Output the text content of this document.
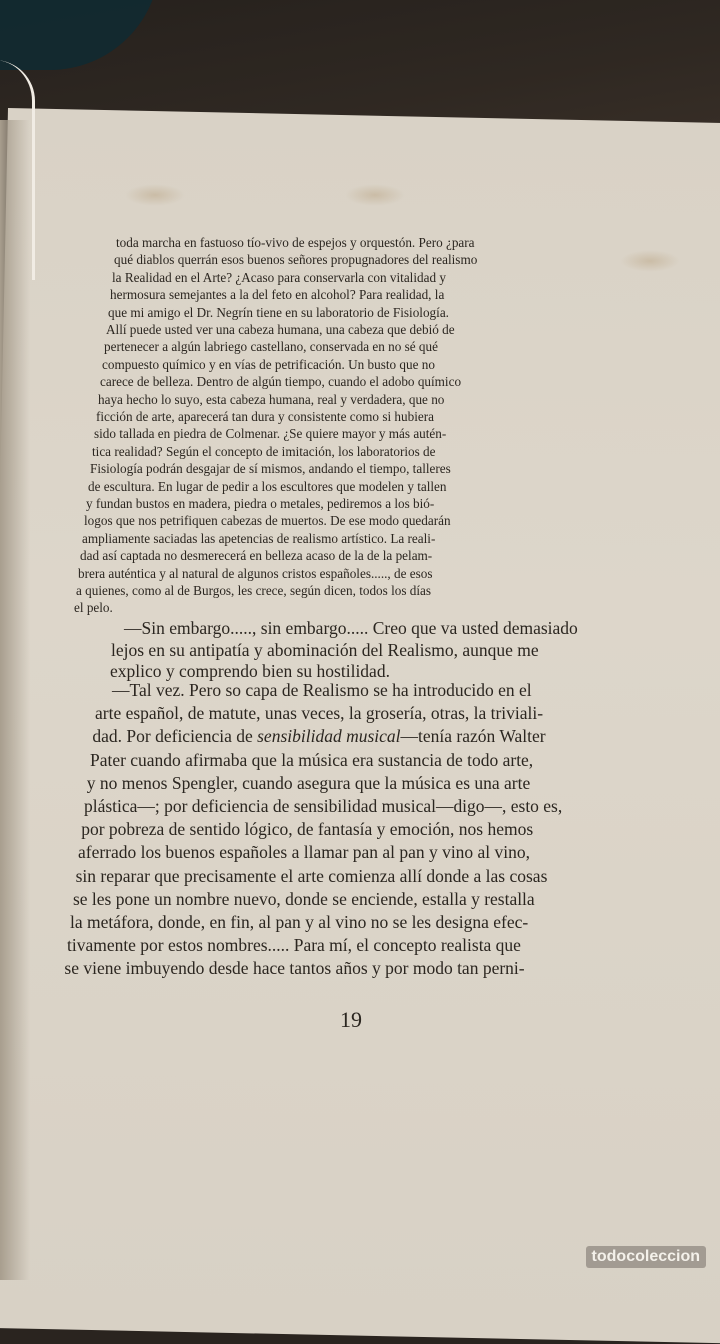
toda marcha en fastuoso tío-vivo de espejos y orquestón. Pero ¿para
qué diablos querrán esos buenos señores propugnadores del realismo
la Realidad en el Arte? ¿Acaso para conservarla con vitalidad y
hermosura semejantes a la del feto en alcohol? Para realidad, la
que mi amigo el Dr. Negrín tiene en su laboratorio de Fisiología.
Allí puede usted ver una cabeza humana, una cabeza que debió de
pertenecer a algún labriego castellano, conservada en no sé qué
compuesto químico y en vías de petrificación. Un busto que no
carece de belleza. Dentro de algún tiempo, cuando el adobo químico
haya hecho lo suyo, esta cabeza humana, real y verdadera, que no
ficción de arte, aparecerá tan dura y consistente como si hubiera
sido tallada en piedra de Colmenar. ¿Se quiere mayor y más autén-
tica realidad? Según el concepto de imitación, los laboratorios de
Fisiología podrán desgajar de sí mismos, andando el tiempo, talleres
de escultura. En lugar de pedir a los escultores que modelen y tallen
y fundan bustos en madera, piedra o metales, pediremos a los bió-
logos que nos petrifiquen cabezas de muertos. De ese modo quedarán
ampliamente saciadas las apetencias de realismo artístico. La reali-
dad así captada no desmerecerá en belleza acaso de la de la pelam-
brera auténtica y al natural de algunos cristos españoles....., de esos
a quienes, como al de Burgos, les crece, según dicen, todos los días
el pelo.
—Sin embargo....., sin embargo..... Creo que va usted demasiado
lejos en su antipatía y abominación del Realismo, aunque me
explico y comprendo bien su hostilidad.
—Tal vez. Pero so capa de Realismo se ha introducido en el
arte español, de matute, unas veces, la grosería, otras, la triviali-
dad. Por deficiencia de sensibilidad musical—tenía razón Walter
Pater cuando afirmaba que la música era sustancia de todo arte,
y no menos Spengler, cuando asegura que la música es una arte
plástica—; por deficiencia de sensibilidad musical—digo—, esto es,
por pobreza de sentido lógico, de fantasía y emoción, nos hemos
aferrado los buenos españoles a llamar pan al pan y vino al vino,
sin reparar que precisamente el arte comienza allí donde a las cosas
se les pone un nombre nuevo, donde se enciende, estalla y restalla
la metáfora, donde, en fin, al pan y al vino no se les designa efec-
tivamente por estos nombres..... Para mí, el concepto realista que
se viene imbuyendo desde hace tantos años y por modo tan perni-
19
todocoleccion
